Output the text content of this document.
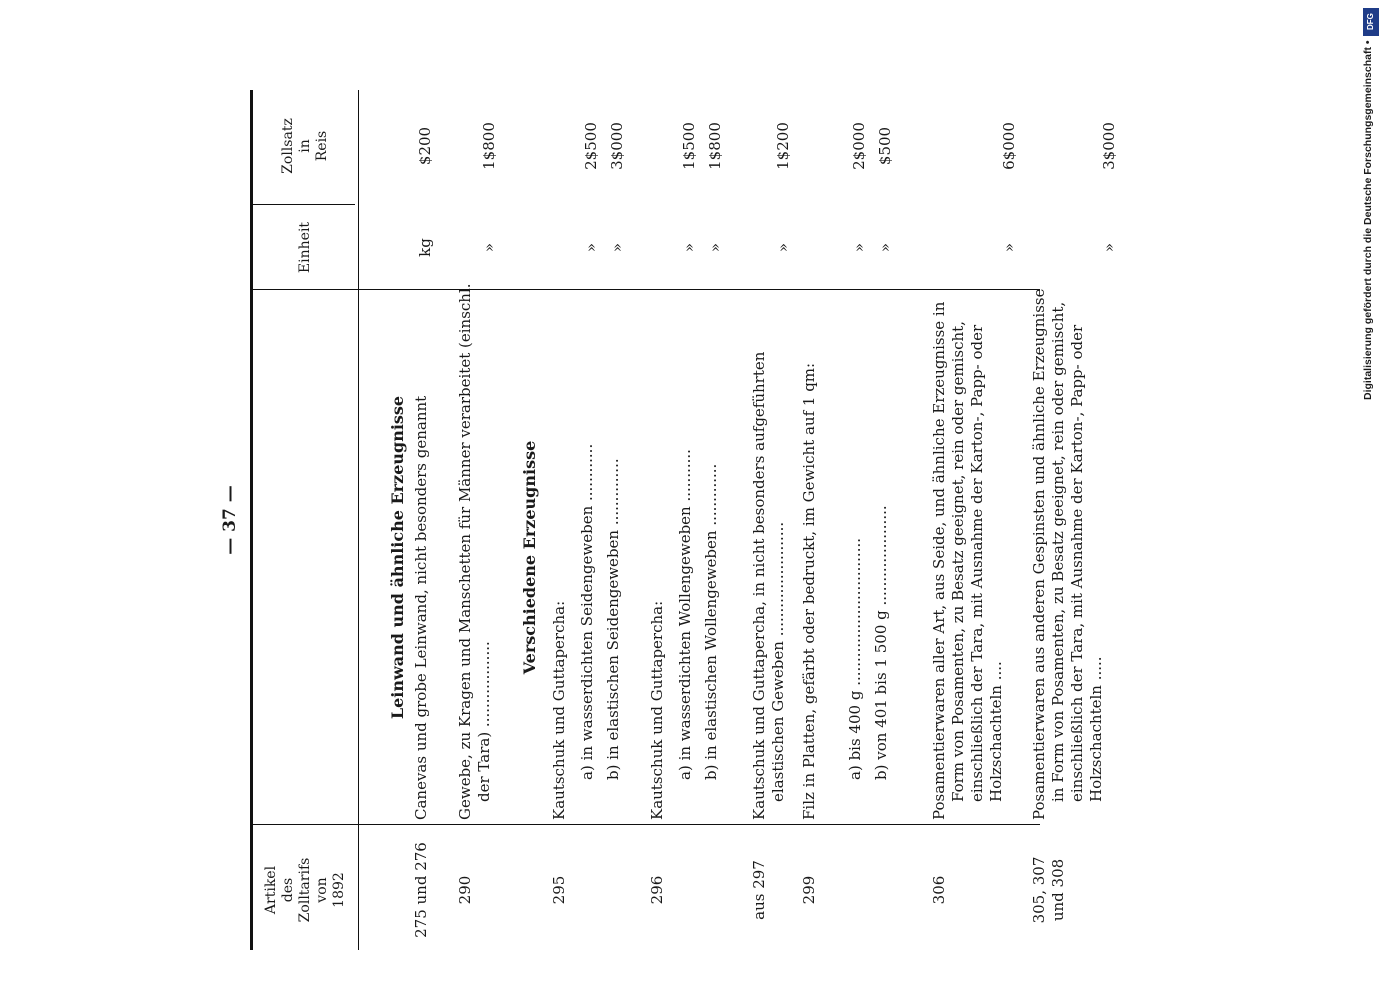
— 37 —
Artikel
des
Zolltarifs
von
1892
Einheit
Zollsatz
in
Reis
Leinwand und ähnliche Erzeugnisse
275 und 276
Canevas und grobe Leinwand, nicht besonders genannt
kg
$200
290
Gewebe, zu Kragen und Manschetten für Männer verarbeitet (einschl. der Tara) ..................
»
1$800
Verschiedene Erzeugnisse
295
Kautschuk und Guttapercha: a) in wasserdichten Seidengeweben ............
»
2$500
b) in elastischen Seidengeweben ..............
»
3$000
296
Kautschuk und Guttapercha: a) in wasserdichten Wollengeweben ...........
»
1$500
b) in elastischen Wollengeweben .............
»
1$800
aus 297
Kautschuk und Guttapercha, in nicht besonders aufgeführten elastischen Geweben ........................
»
1$200
299
Filz in Platten, gefärbt oder bedruckt, im Gewicht auf 1 qm: a) bis 400 g ...............................
»
2$000
b) von 401 bis 1 500 g .....................
»
$500
306
Posamentierwaren aller Art, aus Seide, und ähnliche Erzeugnisse in Form von Posamenten, zu Besatz geeignet, rein oder gemischt, einschließlich der Tara, mit Ausnahme der Karton-, Papp- oder Holzschachteln ....
»
6$000
305, 307
und 308
Posamentierwaren aus anderen Gespinsten und ähnliche Erzeugnisse in Form von Posamenten, zu Besatz geeignet, rein oder gemischt, einschließlich der Tara, mit Ausnahme der Karton-, Papp- oder Holzschachteln .....
»
3$000
DFG
Digitalisierung gefördert durch die Deutsche Forschungsgemeinschaft •
